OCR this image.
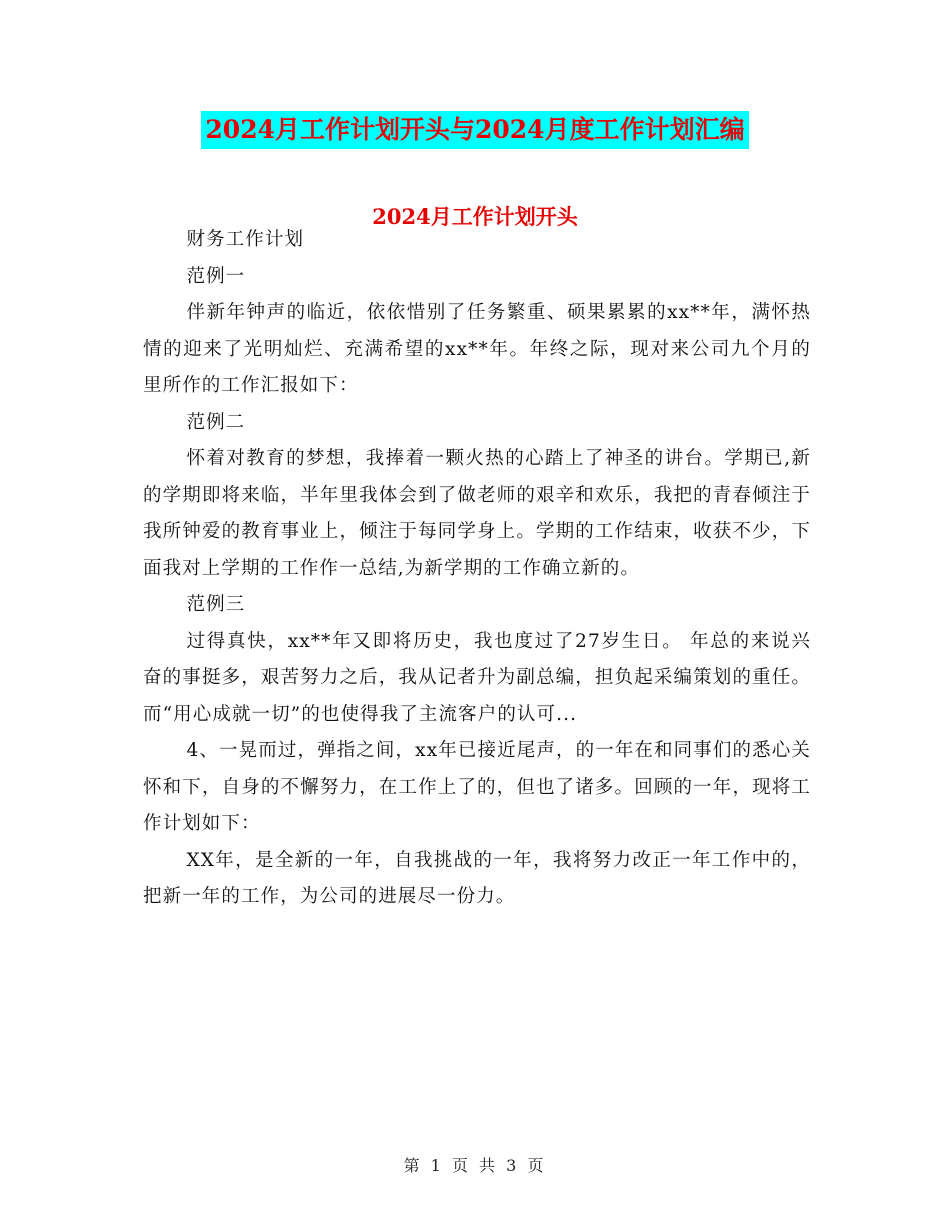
2024月工作计划开头与2024月度工作计划汇编
2024月工作计划开头

财务工作计划

范例一

伴新年钟声的临近，依依惜别了任务繁重、硕果累累的xx**年，满怀热情的迎来了光明灿烂、充满希望的xx**年。年终之际，现对来公司九个月的里所作的工作汇报如下：

范例二

怀着对教育的梦想，我捧着一颗火热的心踏上了神圣的讲台。学期已,新的学期即将来临，半年里我体会到了做老师的艰辛和欢乐，我把的青春倾注于我所钟爱的教育事业上，倾注于每同学身上。学期的工作结束，收获不少，下面我对上学期的工作作一总结,为新学期的工作确立新的。

范例三

过得真快，xx**年又即将历史，我也度过了27岁生日。 年总的来说兴奋的事挺多，艰苦努力之后，我从记者升为副总编，担负起采编策划的重任。而“用心成就一切”的也使得我了主流客户的认可...

4、一晃而过，弹指之间，xx年已接近尾声，的一年在和同事们的悉心关怀和下，自身的不懈努力，在工作上了的，但也了诸多。回顾的一年，现将工作计划如下：

XX年，是全新的一年，自我挑战的一年，我将努力改正一年工作中的，把新一年的工作，为公司的进展尽一份力。

第 1 页 共 3 页
